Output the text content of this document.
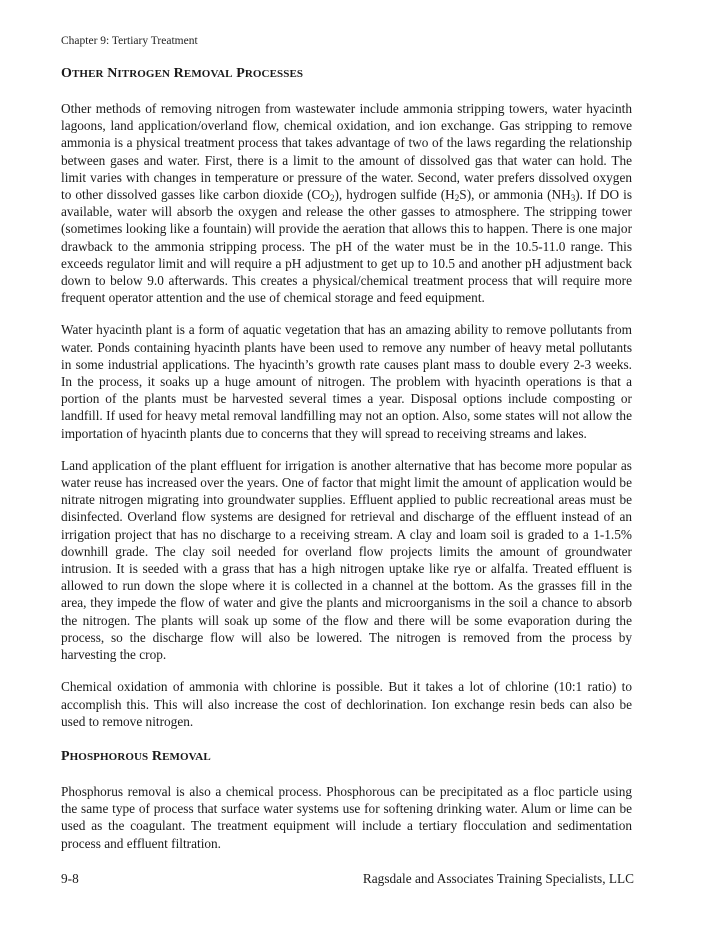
Chapter 9: Tertiary Treatment
OTHER NITROGEN REMOVAL PROCESSES

Other methods of removing nitrogen from wastewater include ammonia stripping towers, water hyacinth lagoons, land application/overland flow, chemical oxidation, and ion exchange. Gas stripping to remove ammonia is a physical treatment process that takes advantage of two of the laws regarding the relationship between gases and water. First, there is a limit to the amount of dissolved gas that water can hold. The limit varies with changes in temperature or pressure of the water. Second, water prefers dissolved oxygen to other dissolved gasses like carbon dioxide $(CO_2)$, hydrogen sulfide $(H_2S)$, or ammonia $(NH_3)$. If DO is available, water will absorb the oxygen and release the other gasses to atmosphere. The stripping tower (sometimes looking like a fountain) will provide the aeration that allows this to happen. There is one major drawback to the ammonia stripping process. The pH of the water must be in the 10.5-11.0 range. This exceeds regulator limit and will require a pH adjustment to get up to 10.5 and another pH adjustment back down to below 9.0 afterwards. This creates a physical/chemical treatment process that will require more frequent operator attention and the use of chemical storage and feed equipment.

Water hyacinth plant is a form of aquatic vegetation that has an amazing ability to remove pollutants from water. Ponds containing hyacinth plants have been used to remove any number of heavy metal pollutants in some industrial applications. The hyacinth’s growth rate causes plant mass to double every 2-3 weeks. In the process, it soaks up a huge amount of nitrogen. The problem with hyacinth operations is that a portion of the plants must be harvested several times a year. Disposal options include composting or landfill. If used for heavy metal removal landfilling may not an option. Also, some states will not allow the importation of hyacinth plants due to concerns that they will spread to receiving streams and lakes.

Land application of the plant effluent for irrigation is another alternative that has become more popular as water reuse has increased over the years. One of factor that might limit the amount of application would be nitrate nitrogen migrating into groundwater supplies. Effluent applied to public recreational areas must be disinfected. Overland flow systems are designed for retrieval and discharge of the effluent instead of an irrigation project that has no discharge to a receiving stream. A clay and loam soil is graded to a 1-1.5% downhill grade. The clay soil needed for overland flow projects limits the amount of groundwater intrusion. It is seeded with a grass that has a high nitrogen uptake like rye or alfalfa. Treated effluent is allowed to run down the slope where it is collected in a channel at the bottom. As the grasses fill in the area, they impede the flow of water and give the plants and microorganisms in the soil a chance to absorb the nitrogen. The plants will soak up some of the flow and there will be some evaporation during the process, so the discharge flow will also be lowered. The nitrogen is removed from the process by harvesting the crop.

Chemical oxidation of ammonia with chlorine is possible. But it takes a lot of chlorine (10:1 ratio) to accomplish this. This will also increase the cost of dechlorination. Ion exchange resin beds can also be used to remove nitrogen.

PHOSPHOROUS REMOVAL

Phosphorus removal is also a chemical process. Phosphorous can be precipitated as a floc particle using the same type of process that surface water systems use for softening drinking water. Alum or lime can be used as the coagulant. The treatment equipment will include a tertiary flocculation and sedimentation process and effluent filtration.

9-8	Ragsdale and Associates Training Specialists, LLC
